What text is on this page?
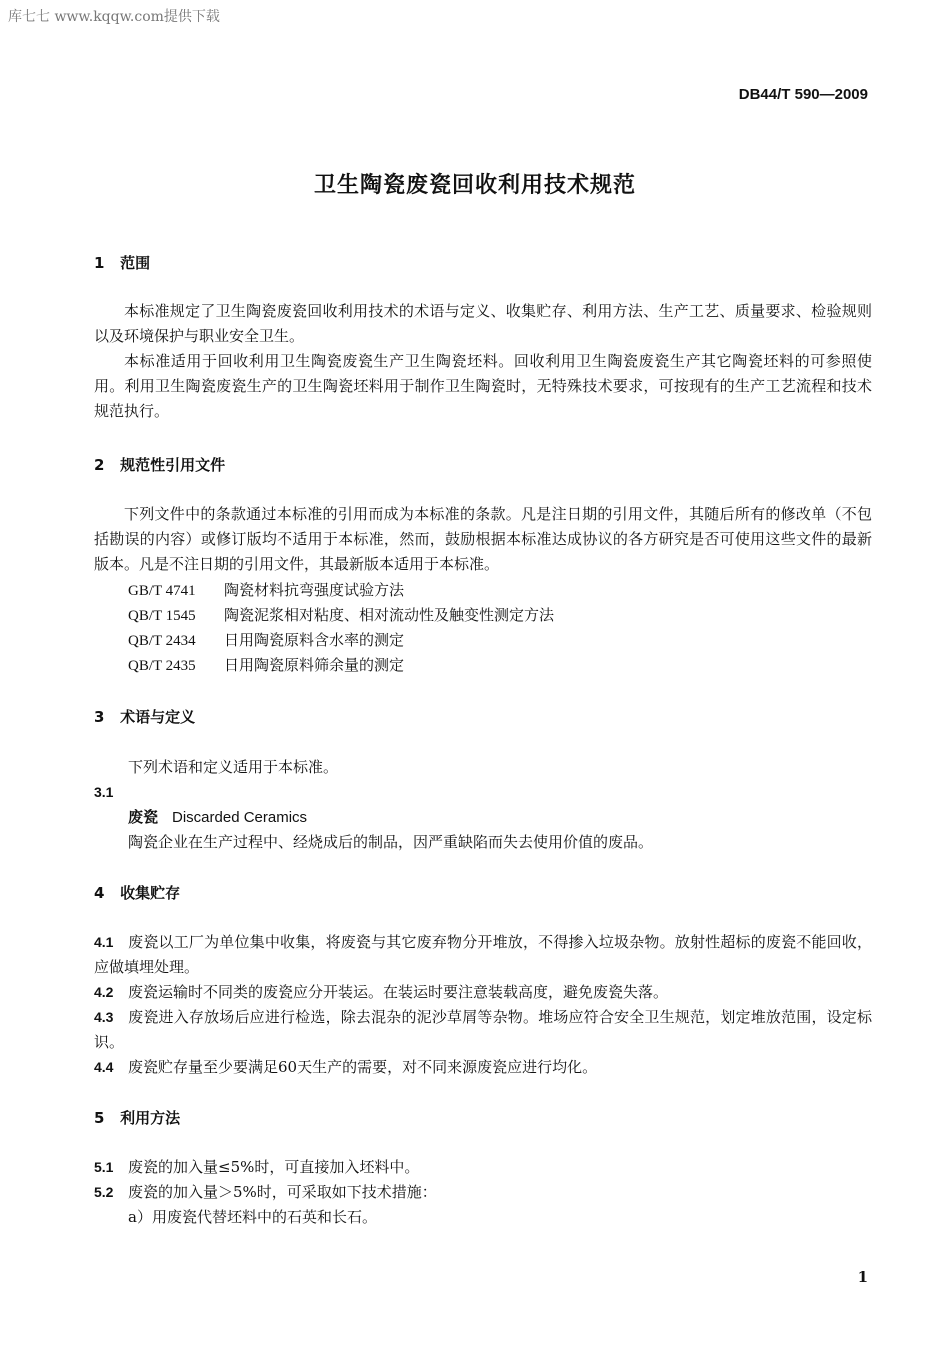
库七七 www.kqqw.com提供下载
DB44/T 590—2009
卫生陶瓷废瓷回收利用技术规范
1 范围
本标准规定了卫生陶瓷废瓷回收利用技术的术语与定义、收集贮存、利用方法、生产工艺、质量要求、检验规则以及环境保护与职业安全卫生。
本标准适用于回收利用卫生陶瓷废瓷生产卫生陶瓷坯料。回收利用卫生陶瓷废瓷生产其它陶瓷坯料的可参照使用。利用卫生陶瓷废瓷生产的卫生陶瓷坯料用于制作卫生陶瓷时，无特殊技术要求，可按现有的生产工艺流程和技术规范执行。
2 规范性引用文件
下列文件中的条款通过本标准的引用而成为本标准的条款。凡是注日期的引用文件，其随后所有的修改单（不包括勘误的内容）或修订版均不适用于本标准，然而，鼓励根据本标准达成协议的各方研究是否可使用这些文件的最新版本。凡是不注日期的引用文件，其最新版本适用于本标准。
GB/T 4741 陶瓷材料抗弯强度试验方法
QB/T 1545 陶瓷泥浆相对粘度、相对流动性及触变性测定方法
QB/T 2434 日用陶瓷原料含水率的测定
QB/T 2435 日用陶瓷原料筛余量的测定
3 术语与定义
下列术语和定义适用于本标准。
3.1
废瓷 Discarded Ceramics
陶瓷企业在生产过程中、经烧成后的制品，因严重缺陷而失去使用价值的废品。
4 收集贮存
4.1 废瓷以工厂为单位集中收集，将废瓷与其它废弃物分开堆放，不得掺入垃圾杂物。放射性超标的废瓷不能回收，应做填埋处理。
4.2 废瓷运输时不同类的废瓷应分开装运。在装运时要注意装载高度，避免废瓷失落。
4.3 废瓷进入存放场后应进行检选，除去混杂的泥沙草屑等杂物。堆场应符合安全卫生规范，划定堆放范围，设定标识。
4.4 废瓷贮存量至少要满足60天生产的需要，对不同来源废瓷应进行均化。
5 利用方法
5.1 废瓷的加入量≤5%时，可直接加入坯料中。
5.2 废瓷的加入量＞5%时，可采取如下技术措施：
a）用废瓷代替坯料中的石英和长石。
1
